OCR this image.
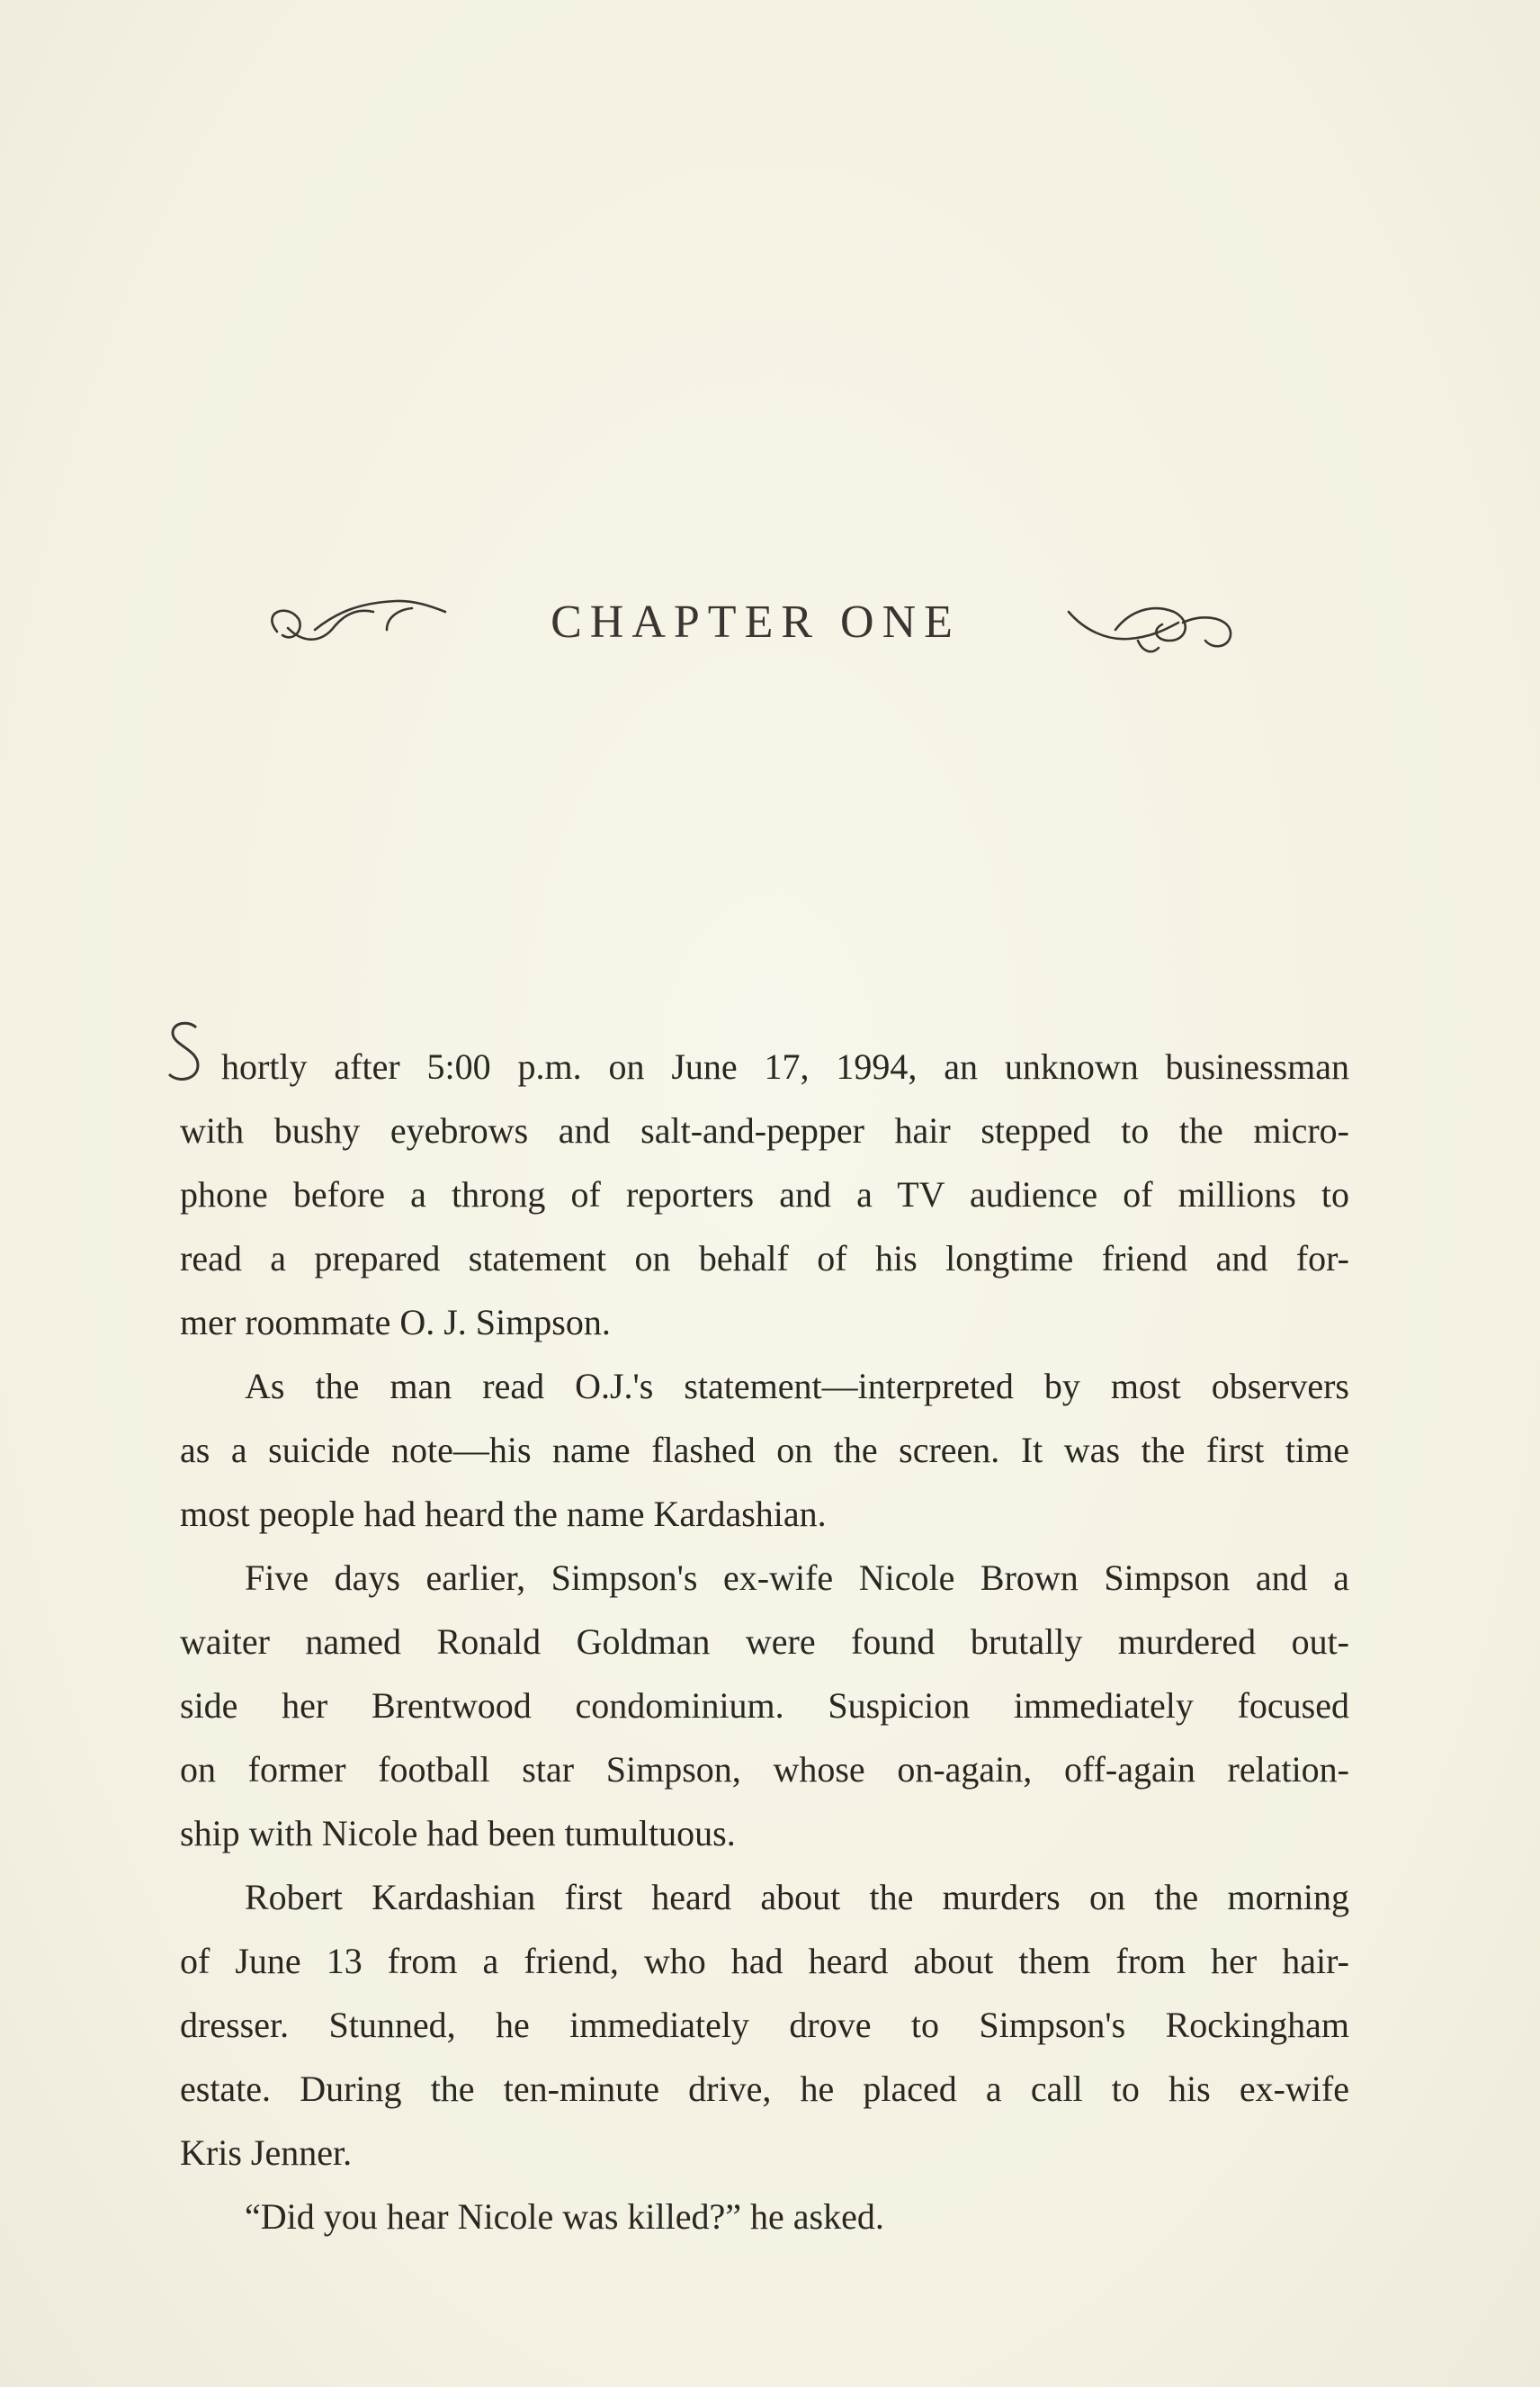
CHAPTER ONE
hortly after 5:00 p.m. on June 17, 1994, an unknown businessman
with bushy eyebrows and salt-and-pepper hair stepped to the micro-
phone before a throng of reporters and a TV audience of millions to
read a prepared statement on behalf of his longtime friend and for-
mer roommate O. J. Simpson.
As the man read O.J.'s statement—interpreted by most observers
as a suicide note—his name flashed on the screen. It was the first time
most people had heard the name Kardashian.
Five days earlier, Simpson's ex-wife Nicole Brown Simpson and a
waiter named Ronald Goldman were found brutally murdered out-
side her Brentwood condominium. Suspicion immediately focused
on former football star Simpson, whose on-again, off-again relation-
ship with Nicole had been tumultuous.
Robert Kardashian first heard about the murders on the morning
of June 13 from a friend, who had heard about them from her hair-
dresser. Stunned, he immediately drove to Simpson's Rockingham
estate. During the ten-minute drive, he placed a call to his ex-wife
Kris Jenner.
“Did you hear Nicole was killed?” he asked.
